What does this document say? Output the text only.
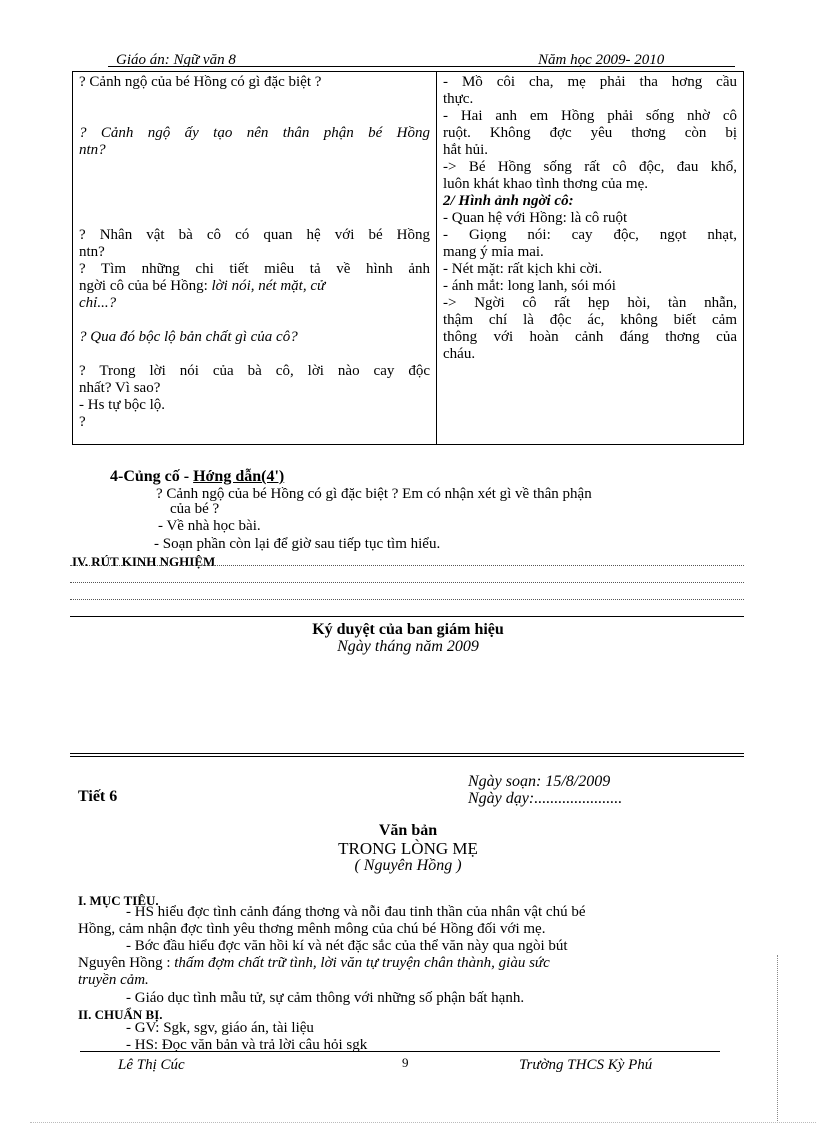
Giáo án: Ngữ văn 8	Năm học 2009- 2010
? Cảnh ngộ của bé Hồng có gì đặc biệt ?
? Cảnh ngộ ấy tạo nên thân phận bé Hồng
ntn?
? Nhân vật bà cô có quan hệ với bé Hồng
ntn?
? Tìm những chi tiết miêu tả về hình ảnh
ngời cô của bé Hồng: lời nói, nét mặt, cử
chỉ...?
? Qua đó bộc lộ bản chất gì của cô?
? Trong lời nói của bà cô, lời nào cay độc
nhất? Vì sao?
- Hs tự bộc lộ.
?

- Mồ côi cha, mẹ phải tha hơng cầu
thực.
- Hai anh em Hồng phải sống nhờ cô
ruột. Không đợc yêu thơng còn bị
hắt hủi.
-> Bé Hồng sống rất cô độc, đau khổ,
luôn khát khao tình thơng của mẹ.
2/ Hình ảnh ngời cô:
- Quan hệ với Hồng: là cô ruột
- Giọng nói: cay độc, ngọt nhạt,
mang ý mỉa mai.
- Nét mặt: rất kịch khi cời.
- ánh mắt: long lanh, sói mói
-> Ngời cô rất hẹp hòi, tàn nhẫn,
thậm chí là độc ác, không biết cảm
thông với hoàn cảnh đáng thơng của
cháu.
4-Củng cố - Hớng dẫn(4')
? Cảnh ngộ của bé Hồng có gì đặc biệt ? Em có nhận xét gì về thân phận
của bé ?
- Về nhà học bài.
- Soạn phần còn lại để giờ sau tiếp tục tìm hiểu.
IV. RÚT KINH NGHIỆM
Ký duyệt của ban giám hiệu
Ngày tháng năm 2009
Ngày soạn: 15/8/2009
Ngày dạy:......................
Tiết 6
Văn bản
TRONG LÒNG MẸ
( Nguyên Hồng )
I. MỤC TIÊU.
- HS hiểu đợc tình cảnh đáng thơng và nỗi đau tinh thần của nhân vật chú bé
Hồng, cảm nhận đợc tình yêu thơng mênh mông của chú bé Hồng đối với mẹ.
- Bớc đầu hiểu đợc văn hồi kí và nét đặc sắc của thể văn này qua ngòi bút
Nguyên Hồng : thấm đợm chất trữ tình, lời văn tự truyện chân thành, giàu sức
truyền cảm.
- Giáo dục tình mẫu tử, sự cảm thông với những số phận bất hạnh.
II. CHUẨN BỊ.
- GV: Sgk, sgv, giáo án, tài liệu
- HS: Đọc văn bản và trả lời câu hỏi sgk
Lê Thị Cúc	9	Trường THCS Kỳ Phú
